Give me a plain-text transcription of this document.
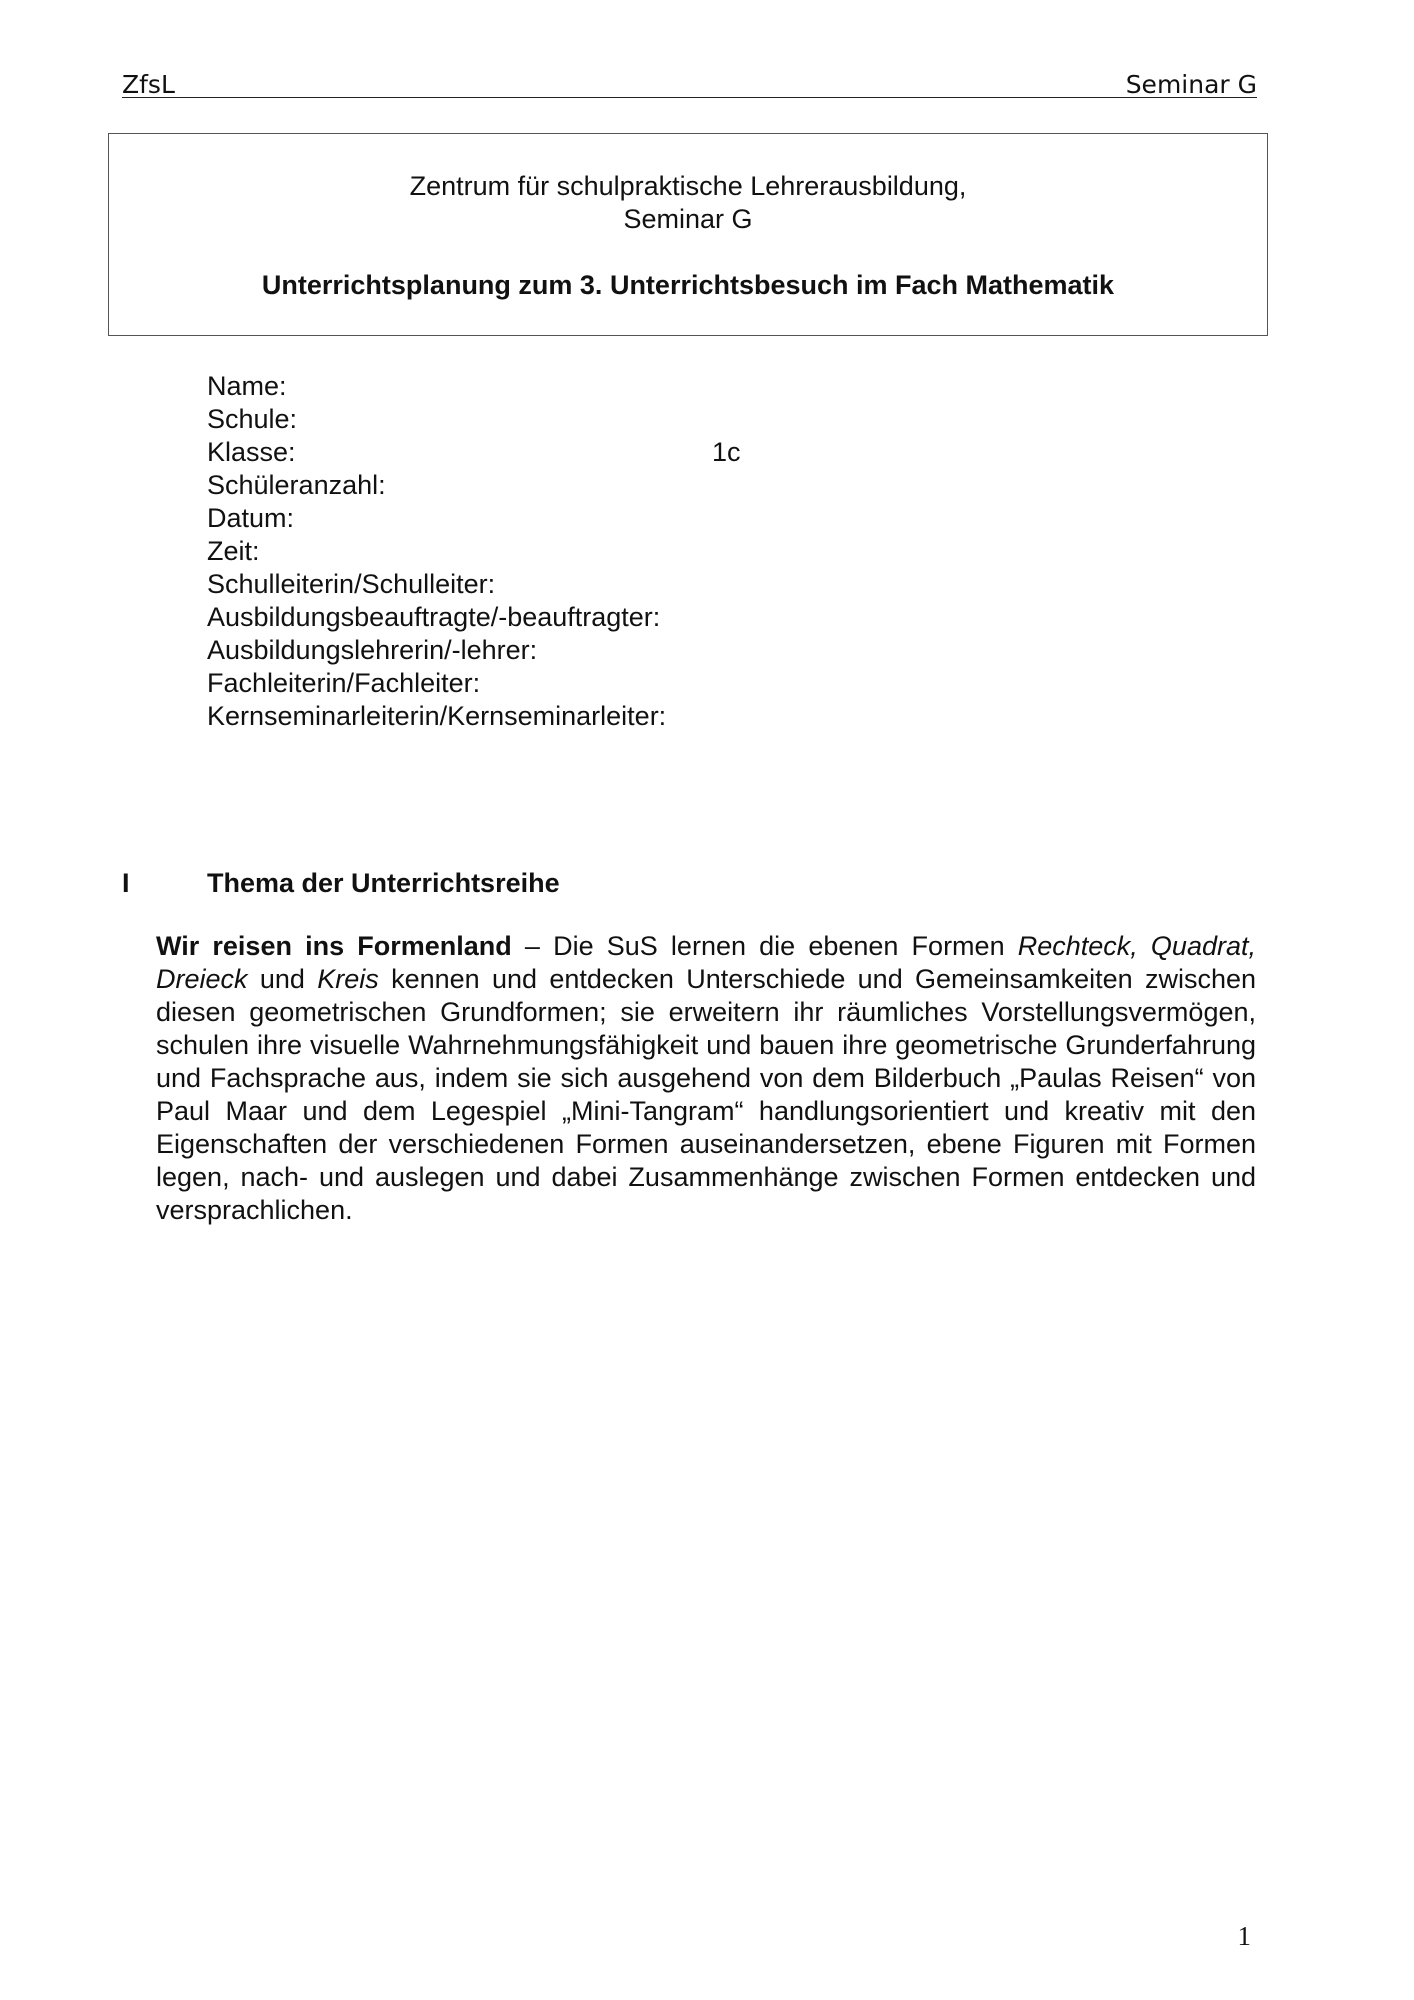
ZfsL	Seminar G
Zentrum für schulpraktische Lehrerausbildung,
Seminar G
Unterrichtsplanung zum 3. Unterrichtsbesuch im Fach Mathematik
Name:
Schule:
Klasse:	1c
Schüleranzahl:
Datum:
Zeit:
Schulleiterin/Schulleiter:
Ausbildungsbeauftragte/-beauftragter:
Ausbildungslehrerin/-lehrer:
Fachleiterin/Fachleiter:
Kernseminarleiterin/Kernseminarleiter:
I	Thema der Unterrichtsreihe
Wir reisen ins Formenland – Die SuS lernen die ebenen Formen Rechteck, Quadrat, Dreieck und Kreis kennen und entdecken Unterschiede und Gemeinsamkeiten zwischen diesen geometrischen Grundformen; sie erweitern ihr räumliches Vorstellungsvermögen, schulen ihre visuelle Wahrnehmungsfähigkeit und bauen ihre geometrische Grunderfahrung und Fachsprache aus, indem sie sich ausgehend von dem Bilderbuch „Paulas Reisen“ von Paul Maar und dem Legespiel „Mini-Tangram“ handlungsorientiert und kreativ mit den Eigenschaften der verschiedenen Formen auseinandersetzen, ebene Figuren mit Formen legen, nach- und auslegen und dabei Zusammenhänge zwischen Formen entdecken und versprachlichen.
1
